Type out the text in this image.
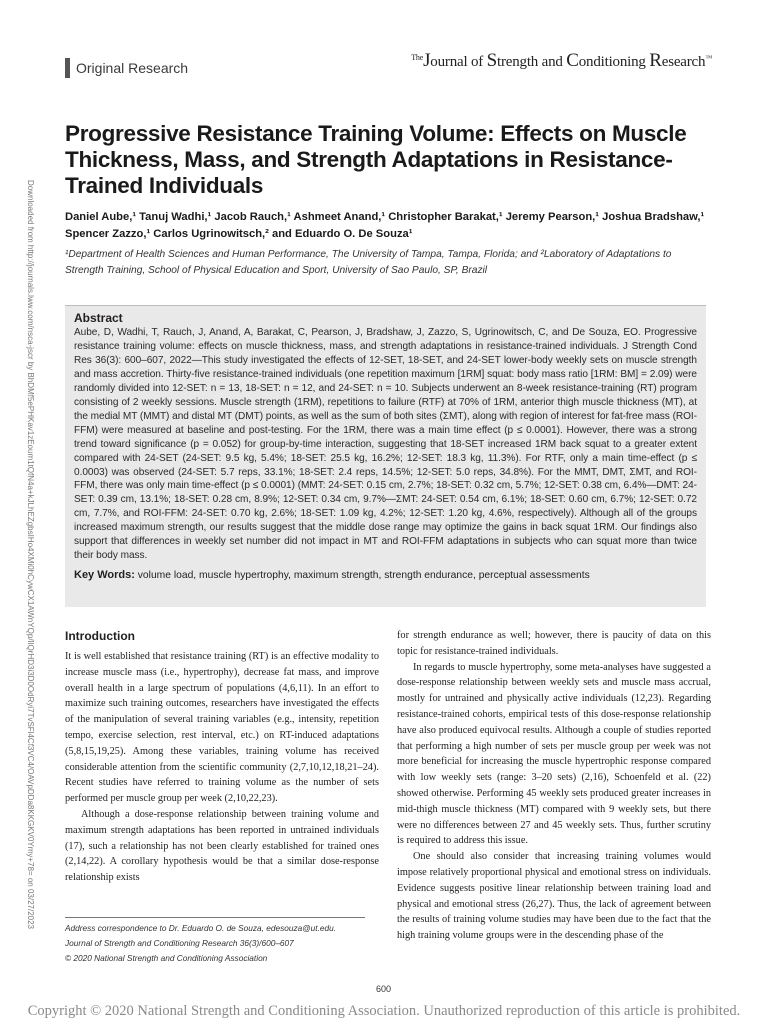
Original Research
$^{The}$Journal of Strength and Conditioning Research™
Downloaded from http://journals.lww.com/nsca-jscr by BhDMf5ePHKav1zEoum1tQfN4a+kJLhEZgbsIHo4XMi0hCywCX1AWnYQp/IlQrHD3i3D0OdRyi7TvSFl4Cf3VC4/OAVpDDa8KKGKV0Ymy+78= on 03/27/2023
Progressive Resistance Training Volume: Effects on Muscle Thickness, Mass, and Strength Adaptations in Resistance-Trained Individuals
Daniel Aube,¹ Tanuj Wadhi,¹ Jacob Rauch,¹ Ashmeet Anand,¹ Christopher Barakat,¹ Jeremy Pearson,¹ Joshua Bradshaw,¹ Spencer Zazzo,¹ Carlos Ugrinowitsch,² and Eduardo O. De Souza¹
¹Department of Health Sciences and Human Performance, The University of Tampa, Tampa, Florida; and ²Laboratory of Adaptations to Strength Training, School of Physical Education and Sport, University of Sao Paulo, SP, Brazil
Abstract
Aube, D, Wadhi, T, Rauch, J, Anand, A, Barakat, C, Pearson, J, Bradshaw, J, Zazzo, S, Ugrinowitsch, C, and De Souza, EO. Progressive resistance training volume: effects on muscle thickness, mass, and strength adaptations in resistance-trained individuals. J Strength Cond Res 36(3): 600–607, 2022—This study investigated the effects of 12-SET, 18-SET, and 24-SET lower-body weekly sets on muscle strength and mass accretion. Thirty-five resistance-trained individuals (one repetition maximum [1RM] squat: body mass ratio [1RM: BM] = 2.09) were randomly divided into 12-SET: n = 13, 18-SET: n = 12, and 24-SET: n = 10. Subjects underwent an 8-week resistance-training (RT) program consisting of 2 weekly sessions. Muscle strength (1RM), repetitions to failure (RTF) at 70% of 1RM, anterior thigh muscle thickness (MT), at the medial MT (MMT) and distal MT (DMT) points, as well as the sum of both sites (ΣMT), along with region of interest for fat-free mass (ROI-FFM) were measured at baseline and post-testing. For the 1RM, there was a main time effect (p ≤ 0.0001). However, there was a strong trend toward significance (p = 0.052) for group-by-time interaction, suggesting that 18-SET increased 1RM back squat to a greater extent compared with 24-SET (24-SET: 9.5 kg, 5.4%; 18-SET: 25.5 kg, 16.2%; 12-SET: 18.3 kg, 11.3%). For RTF, only a main time-effect (p ≤ 0.0003) was observed (24-SET: 5.7 reps, 33.1%; 18-SET: 2.4 reps, 14.5%; 12-SET: 5.0 reps, 34.8%). For the MMT, DMT, ΣMT, and ROI-FFM, there was only main time-effect (p ≤ 0.0001) (MMT: 24-SET: 0.15 cm, 2.7%; 18-SET: 0.32 cm, 5.7%; 12-SET: 0.38 cm, 6.4%—DMT: 24-SET: 0.39 cm, 13.1%; 18-SET: 0.28 cm, 8.9%; 12-SET: 0.34 cm, 9.7%—ΣMT: 24-SET: 0.54 cm, 6.1%; 18-SET: 0.60 cm, 6.7%; 12-SET: 0.72 cm, 7.7%, and ROI-FFM: 24-SET: 0.70 kg, 2.6%; 18-SET: 1.09 kg, 4.2%; 12-SET: 1.20 kg, 4.6%, respectively). Although all of the groups increased maximum strength, our results suggest that the middle dose range may optimize the gains in back squat 1RM. Our findings also support that differences in weekly set number did not impact in MT and ROI-FFM adaptations in subjects who can squat more than twice their body mass.
Key Words: volume load, muscle hypertrophy, maximum strength, strength endurance, perceptual assessments
Introduction

It is well established that resistance training (RT) is an effective modality to increase muscle mass (i.e., hypertrophy), decrease fat mass, and improve overall health in a large spectrum of populations (4,6,11). In an effort to maximize such training outcomes, researchers have investigated the effects of the manipulation of several training variables (e.g., intensity, repetition tempo, exercise selection, rest interval, etc.) on RT-induced adaptations (5,8,15,19,25). Among these variables, training volume has received considerable attention from the scientific community (2,7,10,12,18,21–24). Recent studies have referred to training volume as the number of sets performed per muscle group per week (2,10,22,23).

Although a dose-response relationship between training volume and maximum strength adaptations has been reported in untrained individuals (17), such a relationship has not been clearly established for trained ones (2,14,22). A corollary hypothesis would be that a similar dose-response relationship exists

for strength endurance as well; however, there is paucity of data on this topic for resistance-trained individuals.

In regards to muscle hypertrophy, some meta-analyses have suggested a dose-response relationship between weekly sets and muscle mass accrual, mostly for untrained and physically active individuals (12,23). Regarding resistance-trained cohorts, empirical tests of this dose-response relationship have also produced equivocal results. Although a couple of studies reported that performing a high number of sets per muscle group per week was not more beneficial for increasing the muscle hypertrophic response compared with low weekly sets (range: 3–20 sets) (2,16), Schoenfeld et al. (22) showed otherwise. Performing 45 weekly sets produced greater increases in mid-thigh muscle thickness (MT) compared with 9 weekly sets, but there were no differences between 27 and 45 weekly sets. Thus, further scrutiny is required to address this issue.

One should also consider that increasing training volumes would impose relatively proportional physical and emotional stress on individuals. Evidence suggests positive linear relationship between training load and physical and emotional stress (26,27). Thus, the lack of agreement between the results of training volume studies may have been due to the fact that the high training volume groups were in the descending phase of the

Address correspondence to Dr. Eduardo O. de Souza, edesouza@ut.edu.
Journal of Strength and Conditioning Research 36(3)/600–607
© 2020 National Strength and Conditioning Association
600
Copyright © 2020 National Strength and Conditioning Association. Unauthorized reproduction of this article is prohibited.
